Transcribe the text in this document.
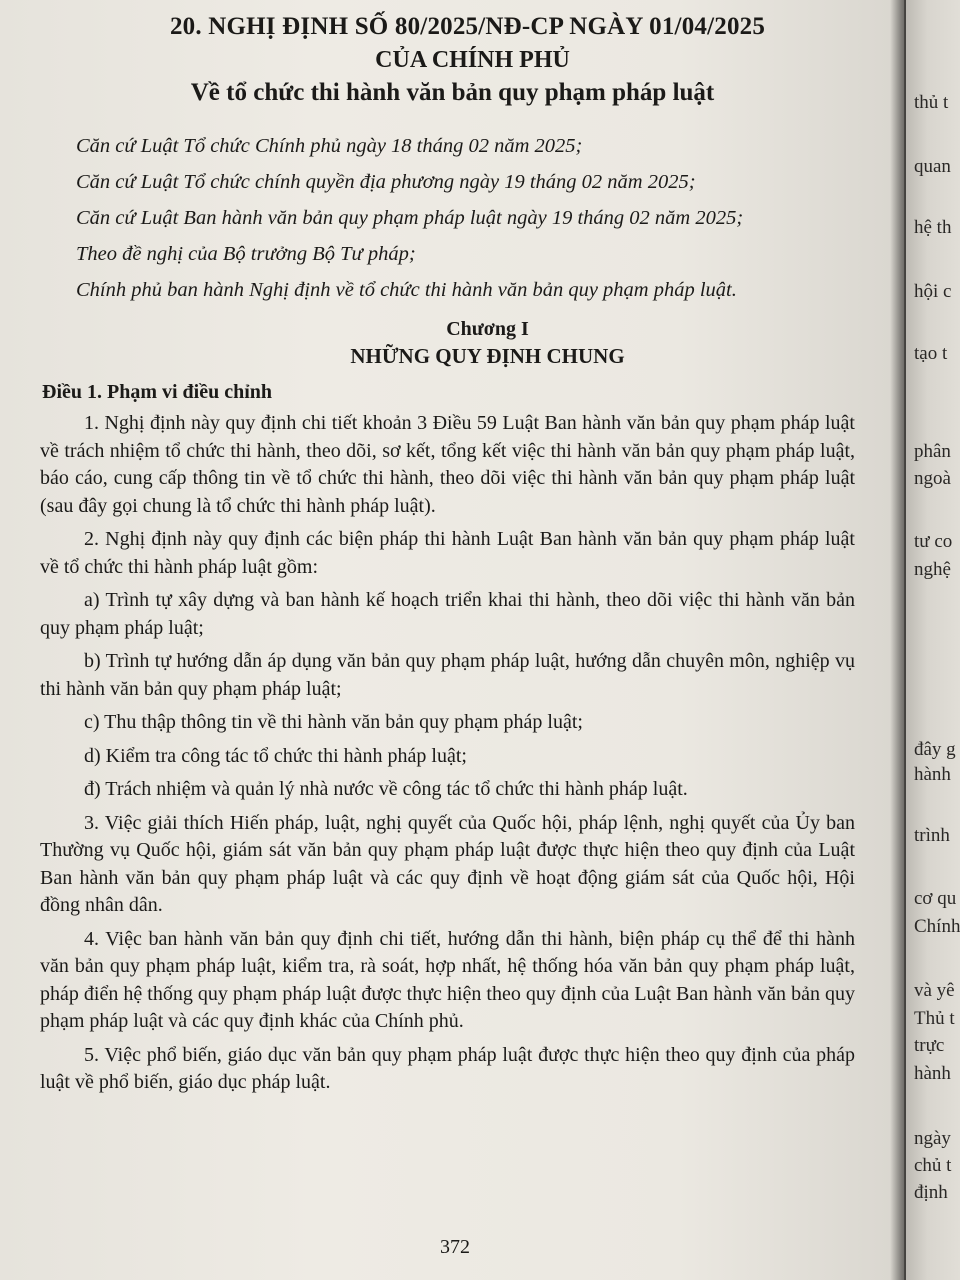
20. NGHỊ ĐỊNH SỐ 80/2025/NĐ-CP NGÀY 01/04/2025
CỦA CHÍNH PHỦ
Về tổ chức thi hành văn bản quy phạm pháp luật

Căn cứ Luật Tổ chức Chính phủ ngày 18 tháng 02 năm 2025;

Căn cứ Luật Tổ chức chính quyền địa phương ngày 19 tháng 02 năm 2025;

Căn cứ Luật Ban hành văn bản quy phạm pháp luật ngày 19 tháng 02 năm 2025;

Theo đề nghị của Bộ trưởng Bộ Tư pháp;

Chính phủ ban hành Nghị định về tổ chức thi hành văn bản quy phạm pháp luật.

Chương I
NHỮNG QUY ĐỊNH CHUNG
Điều 1. Phạm vi điều chỉnh

1. Nghị định này quy định chi tiết khoản 3 Điều 59 Luật Ban hành văn bản quy phạm pháp luật về trách nhiệm tổ chức thi hành, theo dõi, sơ kết, tổng kết việc thi hành văn bản quy phạm pháp luật, báo cáo, cung cấp thông tin về tổ chức thi hành, theo dõi việc thi hành văn bản quy phạm pháp luật (sau đây gọi chung là tổ chức thi hành pháp luật).

2. Nghị định này quy định các biện pháp thi hành Luật Ban hành văn bản quy phạm pháp luật về tổ chức thi hành pháp luật gồm:

a) Trình tự xây dựng và ban hành kế hoạch triển khai thi hành, theo dõi việc thi hành văn bản quy phạm pháp luật;

b) Trình tự hướng dẫn áp dụng văn bản quy phạm pháp luật, hướng dẫn chuyên môn, nghiệp vụ thi hành văn bản quy phạm pháp luật;

c) Thu thập thông tin về thi hành văn bản quy phạm pháp luật;

d) Kiểm tra công tác tổ chức thi hành pháp luật;

đ) Trách nhiệm và quản lý nhà nước về công tác tổ chức thi hành pháp luật.

3. Việc giải thích Hiến pháp, luật, nghị quyết của Quốc hội, pháp lệnh, nghị quyết của Ủy ban Thường vụ Quốc hội, giám sát văn bản quy phạm pháp luật được thực hiện theo quy định của Luật Ban hành văn bản quy phạm pháp luật và các quy định về hoạt động giám sát của Quốc hội, Hội đồng nhân dân.

4. Việc ban hành văn bản quy định chi tiết, hướng dẫn thi hành, biện pháp cụ thể để thi hành văn bản quy phạm pháp luật, kiểm tra, rà soát, hợp nhất, hệ thống hóa văn bản quy phạm pháp luật, pháp điển hệ thống quy phạm pháp luật được thực hiện theo quy định của Luật Ban hành văn bản quy phạm pháp luật và các quy định khác của Chính phủ.

5. Việc phổ biến, giáo dục văn bản quy phạm pháp luật được thực hiện theo quy định của pháp luật về phổ biến, giáo dục pháp luật.

372
thủ t
quan
hệ th
hội c
tạo t
phân
ngoà
tư co
nghệ
đây g
hành
trình
cơ qu
Chính
và yê
Thủ t
trực
hành
ngày
chủ t
định
